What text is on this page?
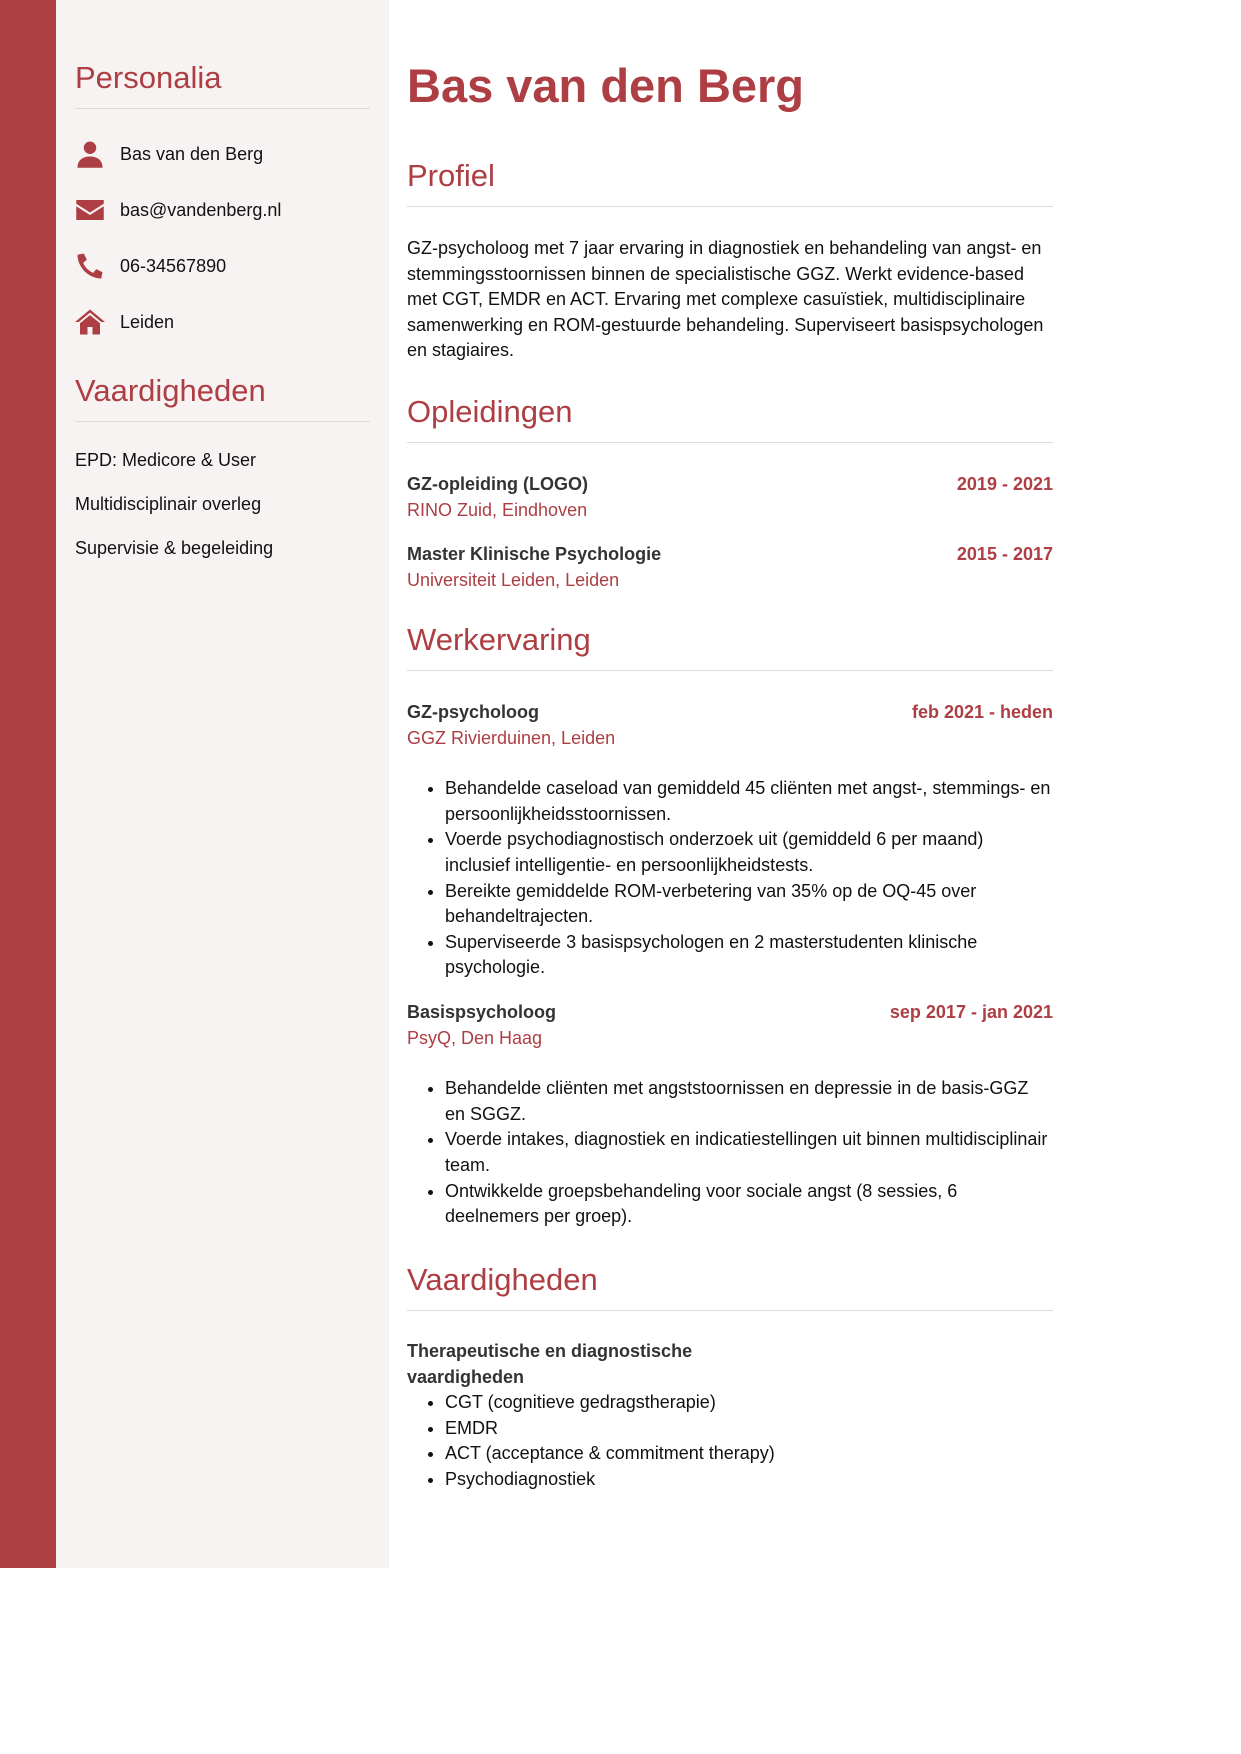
Personalia
Bas van den Berg
bas@vandenberg.nl
06-34567890
Leiden
Vaardigheden
EPD: Medicore & User
Multidisciplinair overleg
Supervisie & begeleiding
Bas van den Berg
Profiel

GZ-psycholoog met 7 jaar ervaring in diagnostiek en behandeling van angst- en stemmingsstoornissen binnen de specialistische GGZ. Werkt evidence-based met CGT, EMDR en ACT. Ervaring met complexe casuïstiek, multidisciplinaire samenwerking en ROM-gestuurde behandeling. Superviseert basispsychologen en stagiaires.

Opleidingen
GZ-opleiding (LOGO)	2019 - 2021
RINO Zuid, Eindhoven
Master Klinische Psychologie	2015 - 2017
Universiteit Leiden, Leiden
Werkervaring
GZ-psycholoog	feb 2021 - heden
GGZ Rivierduinen, Leiden
• Behandelde caseload van gemiddeld 45 cliënten met angst-, stemmings- en persoonlijkheidsstoornissen.
• Voerde psychodiagnostisch onderzoek uit (gemiddeld 6 per maand) inclusief intelligentie- en persoonlijkheidstests.
• Bereikte gemiddelde ROM-verbetering van 35% op de OQ-45 over behandeltrajecten.
• Superviseerde 3 basispsychologen en 2 masterstudenten klinische psychologie.
Basispsycholoog	sep 2017 - jan 2021
PsyQ, Den Haag
• Behandelde cliënten met angststoornissen en depressie in de basis-GGZ en SGGZ.
• Voerde intakes, diagnostiek en indicatiestellingen uit binnen multidisciplinair team.
• Ontwikkelde groepsbehandeling voor sociale angst (8 sessies, 6 deelnemers per groep).
Vaardigheden
Therapeutische en diagnostische vaardigheden
• CGT (cognitieve gedragstherapie)
• EMDR
• ACT (acceptance & commitment therapy)
• Psychodiagnostiek
